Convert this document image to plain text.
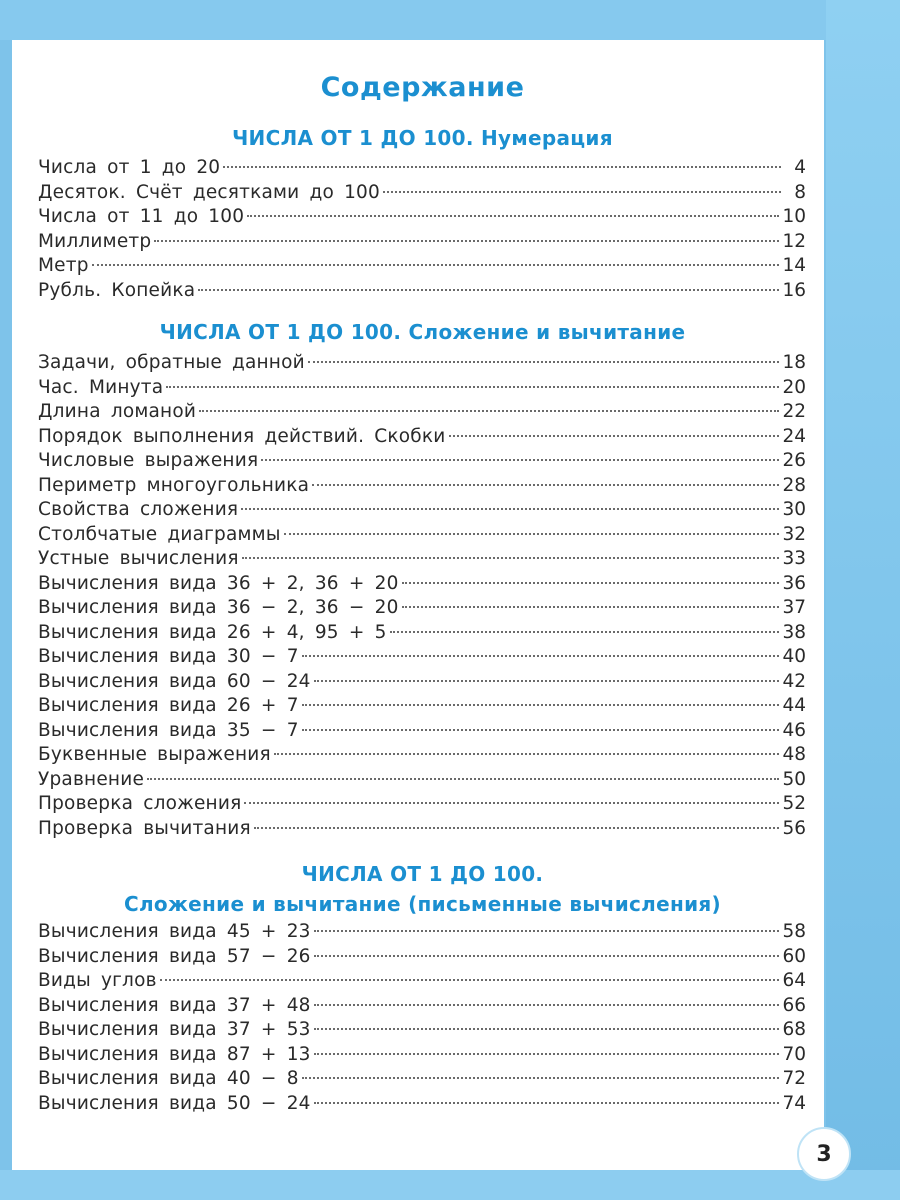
Содержание
ЧИСЛА ОТ 1 ДО 100. Нумерация
Числа от 1 до 20	4
Десяток. Счёт десятками до 100	8
Числа от 11 до 100	10
Миллиметр	12
Метр	14
Рубль. Копейка	16
ЧИСЛА ОТ 1 ДО 100. Сложение и вычитание
Задачи, обратные данной	18
Час. Минута	20
Длина ломаной	22
Порядок выполнения действий. Скобки	24
Числовые выражения	26
Периметр многоугольника	28
Свойства сложения	30
Столбчатые диаграммы	32
Устные вычисления	33
Вычисления вида 36 + 2, 36 + 20	36
Вычисления вида 36 − 2, 36 − 20	37
Вычисления вида 26 + 4, 95 + 5	38
Вычисления вида 30 − 7	40
Вычисления вида 60 − 24	42
Вычисления вида 26 + 7	44
Вычисления вида 35 − 7	46
Буквенные выражения	48
Уравнение	50
Проверка сложения	52
Проверка вычитания	56
ЧИСЛА ОТ 1 ДО 100.
Сложение и вычитание (письменные вычисления)
Вычисления вида 45 + 23	58
Вычисления вида 57 − 26	60
Виды углов	64
Вычисления вида 37 + 48	66
Вычисления вида 37 + 53	68
Вычисления вида 87 + 13	70
Вычисления вида 40 − 8	72
Вычисления вида 50 − 24	74
3
